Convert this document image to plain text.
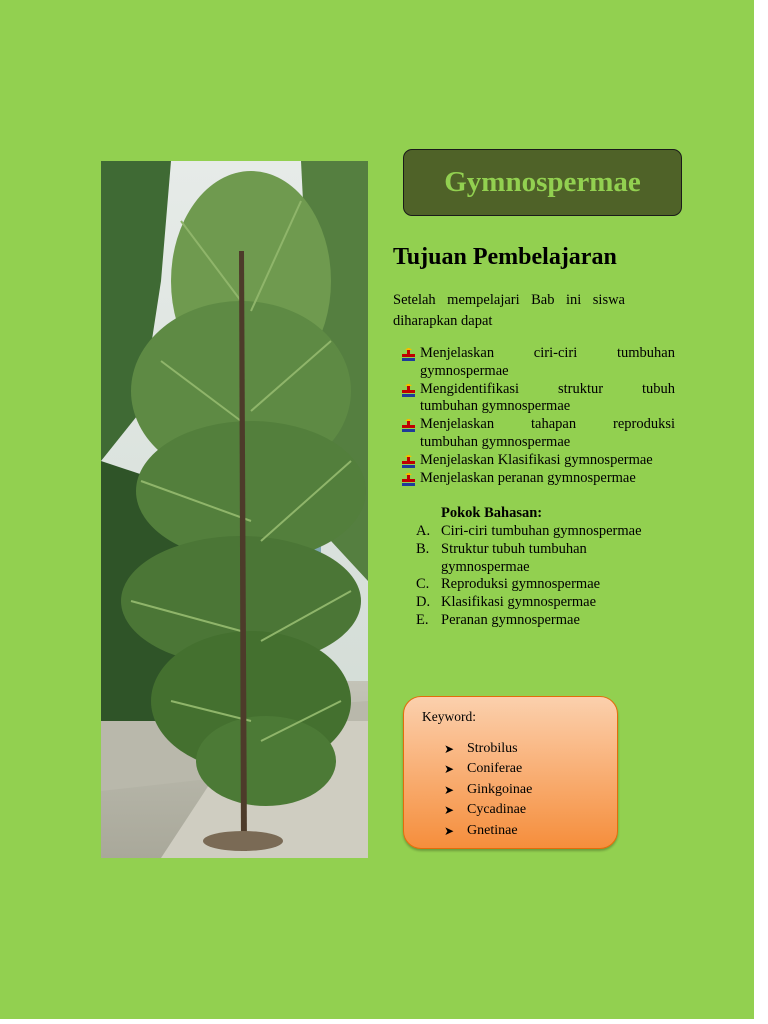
Gymnospermae
Tujuan Pembelajaran
Setelah mempelajari Bab ini siswa
diharapkan dapat
Menjelaskan ciri-ciri tumbuhan
gymnospermae
Mengidentifikasi struktur tubuh
tumbuhan gymnospermae
Menjelaskan tahapan reproduksi
tumbuhan gymnospermae
Menjelaskan Klasifikasi gymnospermae
Menjelaskan peranan gymnospermae
Pokok Bahasan:
A. Ciri-ciri tumbuhan gymnospermae
B. Struktur tubuh tumbuhan gymnospermae
C. Reproduksi gymnospermae
D. Klasifikasi gymnospermae
E. Peranan gymnospermae
Keyword:
➤ Strobilus
➤ Coniferae
➤ Ginkgoinae
➤ Cycadinae
➤ Gnetinae
